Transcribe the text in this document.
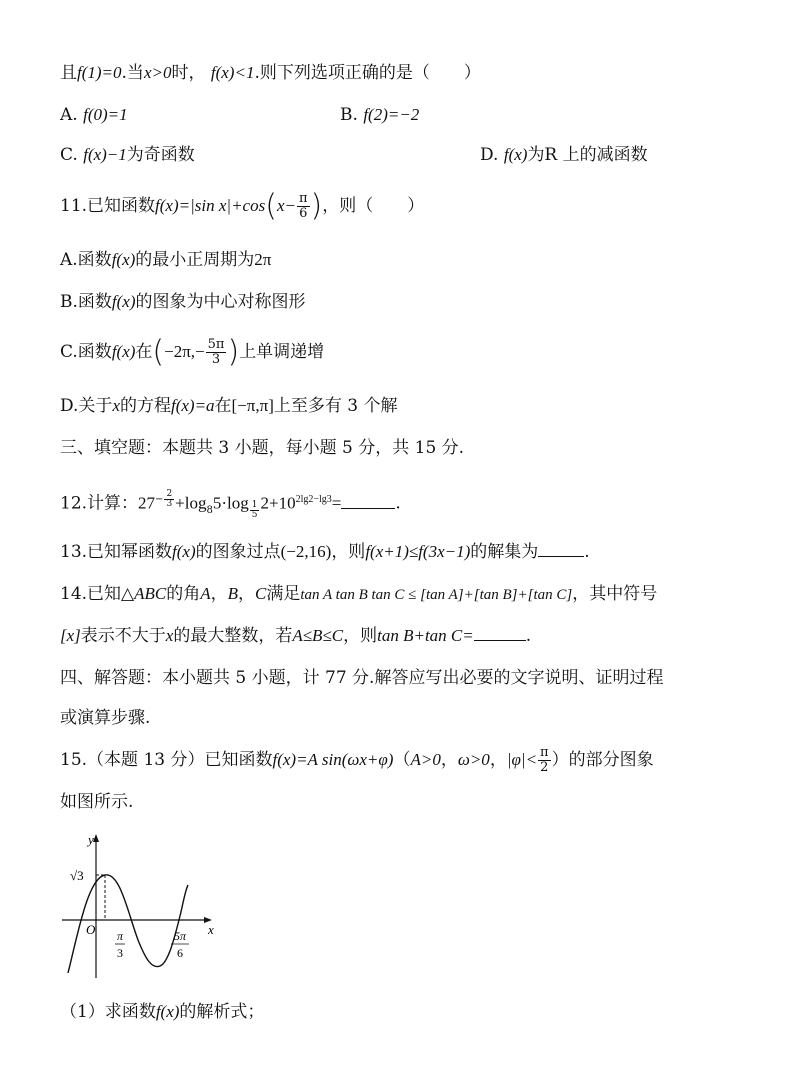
且f(1)=0.当x>0时， f(x)<1.则下列选项正确的是（　　）
A. f(0)=1	B. f(2)=−2
C. f(x)−1为奇函数	D. f(x)为R 上的减函数
11.已知函数f(x)=|sin $x|+\cos(x- \frac{\pi}{6}$ )，则（　　）
A.函数f(x)的最小正周期为2π
B.函数f(x)的图象为中心对称图形
C.函数f(x)在($-2\pi,- \frac{5\pi}{3}$ )上单调递增
D.关于x的方程f(x)=a在[−π,π]上至多有 3 个解
三、填空题：本题共 3 小题，每小题 5 分，共 15 分.
12.计算：$27^{- \frac{2}{3}} +\log_85\cdot\log$ $_{\frac{1}{5}}$ $2+10^{2lg2-lg3}=$	.
13.已知幂函数f(x)的图象过点(−2,16)，则f(x+1)≤f(3x−1)的解集为	.
14.已知△ABC的角A，B，C满足tan A tan B tan C ≤ [tan A]+[tan B]+[tan C]，其中符号
[x]表示不大于x的最大整数，若A≤B≤C，则tan B+tan C=	.
四、解答题：本小题共 5 小题，计 77 分.解答应写出必要的文字说明、证明过程
或演算步骤.
15.（本题 13 分）已知函数f(x)=A sin(ωx+φ)（A>0，ω>0，$|\varphi|< \frac{\pi}{2}$ ）的部分图象
如图所示.
y
x
O
√3
π
3
5π
6
（1）求函数f(x)的解析式；
